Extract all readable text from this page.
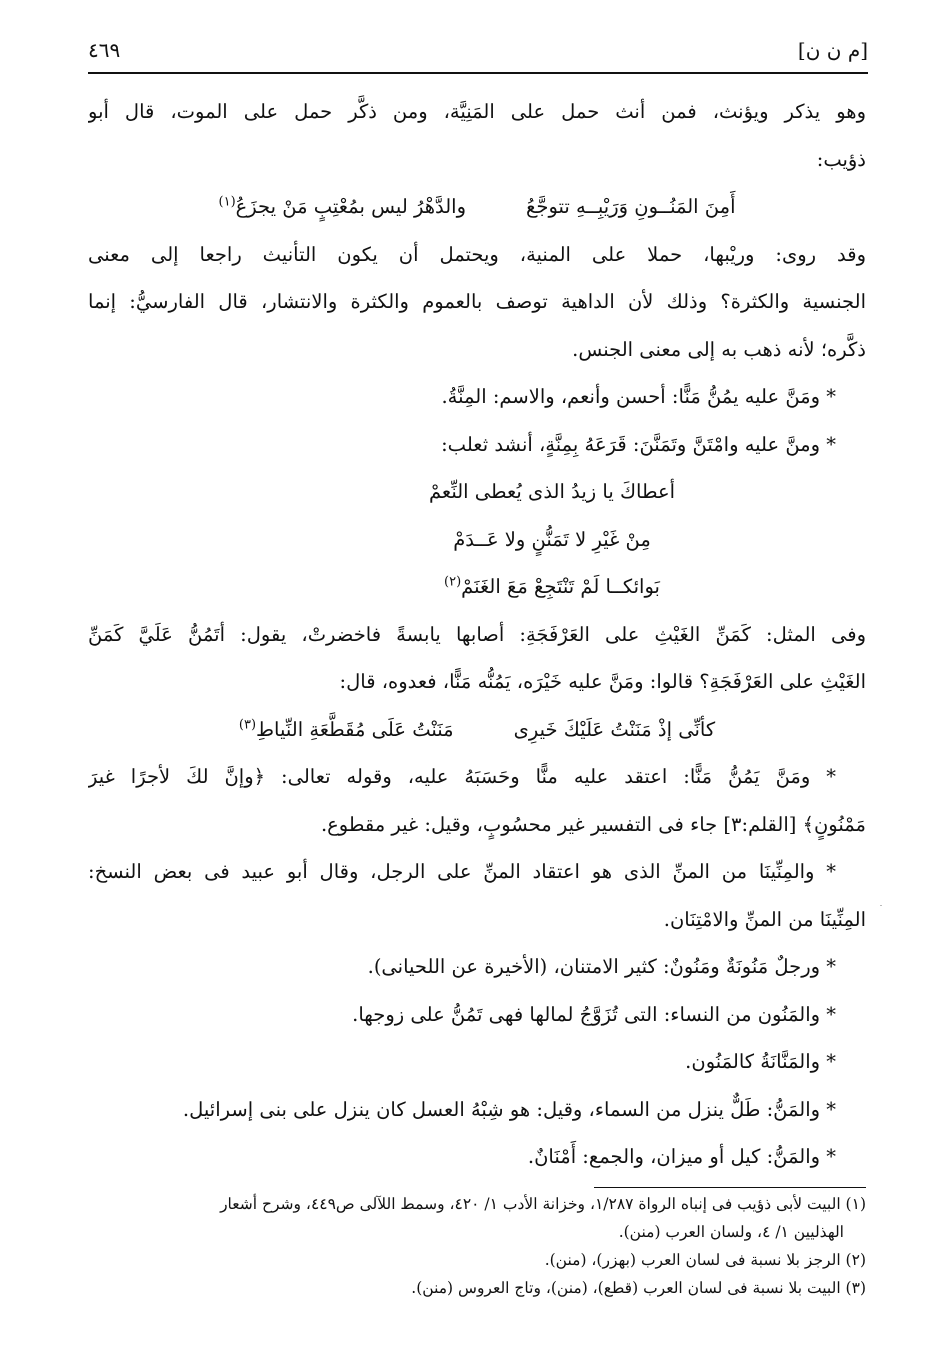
٤٦٩	[م ن ن]
وهو يذكر ويؤنث، فمن أنث حمل على المَنِيَّة، ومن ذكَّر حمل على الموت، قال أبو
ذؤيب:
أَمِنَ المَنُــونِ وَرَيْبِــهِ تتوجَّعُ
والدَّهْرُ ليس بمُعْتِبٍ مَنْ يجزَعُ$^{(١)}$
وقد روى: وريْبها، حملا على المنية، ويحتمل أن يكون التأنيث راجعا إلى معنى
الجنسية والكثرة؟ وذلك لأن الداهية توصف بالعموم والكثرة والانتشار، قال الفارسيُّ: إنما
ذكَّره؛ لأنه ذهب به إلى معنى الجنس.
* ومَنَّ عليه يمُنُّ مَنًّا: أحسن وأنعم، والاسم: المِنَّةُ.
* ومنَّ عليه وامْتَنَّ وتَمَنَّنَ: قَرَعَهُ بِمِنَّةٍ، أنشد ثعلب:
أعطاكَ يا زيدُ الذى يُعطى النِّعمْ
مِنْ غَيْرِ لا تَمَنُّنٍ ولا عَــدَمْ
بَوائكــا لَمْ تَنْتَجِعْ مَعَ الغَنَمْ$^{(٢)}$
وفى المثل: كَمَنِّ الغَيْثِ على العَرْفَجَةِ: أصابها يابسةً فاخضرتْ، يقول: أتَمُنُّ عَلَيَّ كَمَنِّ
الغَيْثِ على العَرْفَجَةِ؟ قالوا: ومَنَّ عليه خَيْرَه، يَمُنُّه مَنًّا، فعدوه، قال:
كأنِّى إذْ مَنَنْتُ عَلَيْكَ خَيرِى
مَنَنْتُ عَلَى مُقَطَّعَةِ النِّياطِ$^{(٣)}$
* ومَنَّ يَمُنُّ مَنًّا: اعتقد عليه منًّا وحَسَبَهُ عليه، وقوله تعالى: ﴿وإنَّ لكَ لأجرًا غيرَ
مَمْنُونٍ﴾ [القلم:٣] جاء فى التفسير غير محسُوبٍ، وقيل: غير مقطوع.
* والمِنِّينَا من المنِّ الذى هو اعتقاد المنِّ على الرجل، وقال أبو عبيد فى بعض النسخ:
المِنِّينَا من المنِّ والامْتِنَان.
* ورجلٌ مَنُونَةٌ ومَنُونٌ: كثير الامتنان، (الأخيرة عن اللحيانى).
* والمَنُون من النساء: التى تُزَوَّجُ لمالها فهى تَمُنُّ على زوجها.
* والمَنَّانَةُ كالمَنُون.
* والمَنُّ: طَلٌّ ينزل من السماء، وقيل: هو شِبْهُ العسل كان ينزل على بنى إسرائيل.
* والمَنُّ: كيل أو ميزان، والجمع: أَمْنَانٌ.
(١) البيت لأبى ذؤيب فى إنباه الرواة ١/٢٨٧، وخزانة الأدب ١/ ٤٢٠، وسمط اللآلى ص٤٤٩، وشرح أشعار
الهذليين ١/ ٤، ولسان العرب (منن).
(٢) الرجز بلا نسبة فى لسان العرب (بهزر)، (منن).
(٣) البيت بلا نسبة فى لسان العرب (قطع)، (منن)، وتاج العروس (منن).
